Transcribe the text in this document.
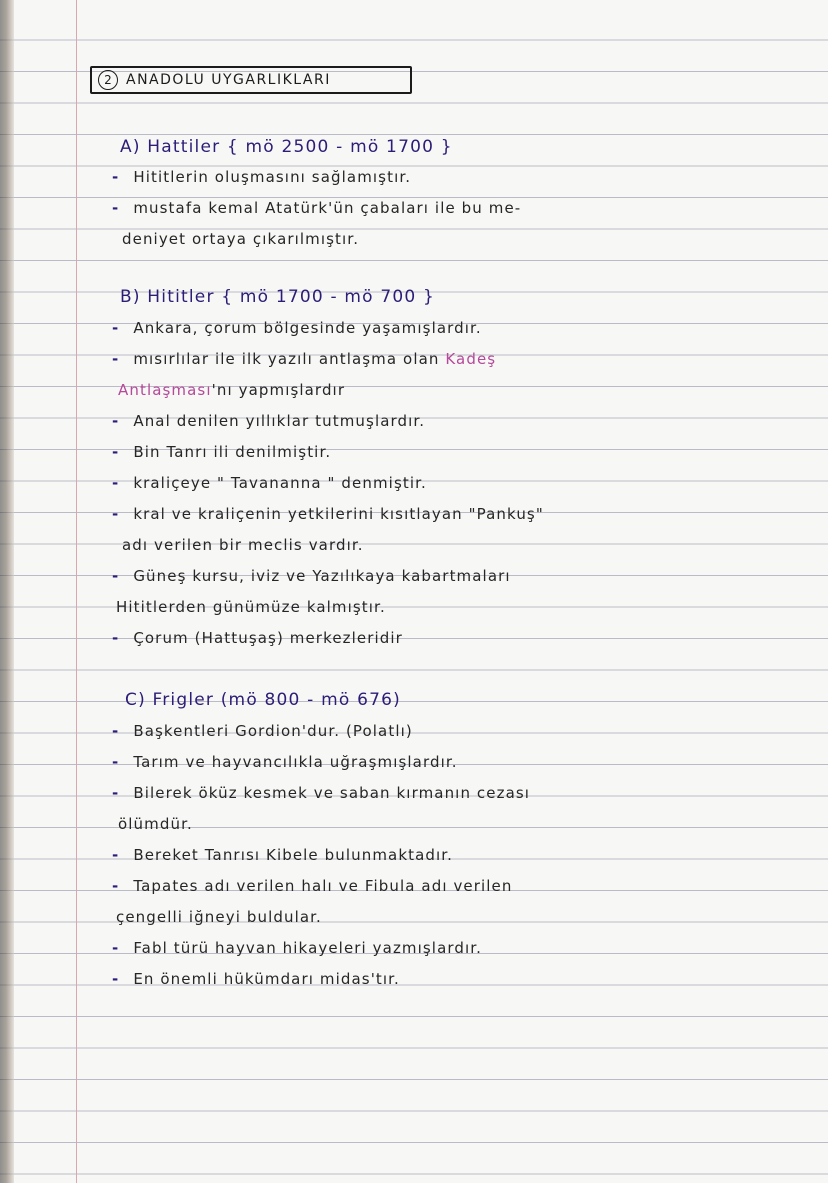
2	ANADOLU UYGARLIKLARI
A) Hattiler { mö 2500 - mö 1700 }
- Hititlerin oluşmasını sağlamıştır.
- mustafa kemal Atatürk'ün çabaları ile bu me-
deniyet ortaya çıkarılmıştır.
B) Hititler { mö 1700 - mö 700 }
- Ankara, çorum bölgesinde yaşamışlardır.
- mısırlılar ile ilk yazılı antlaşma olan Kadeş
Antlaşması'nı yapmışlardır
- Anal denilen yıllıklar tutmuşlardır.
- Bin Tanrı ili denilmiştir.
- kraliçeye " Tavananna " denmiştir.
- kral ve kraliçenin yetkilerini kısıtlayan "Pankuş"
adı verilen bir meclis vardır.
- Güneş kursu, iviz ve Yazılıkaya kabartmaları
Hititlerden günümüze kalmıştır.
- Çorum (Hattuşaş) merkezleridir
C) Frigler (mö 800 - mö 676)
- Başkentleri Gordion'dur. (Polatlı)
- Tarım ve hayvancılıkla uğraşmışlardır.
- Bilerek öküz kesmek ve saban kırmanın cezası
ölümdür.
- Bereket Tanrısı Kibele bulunmaktadır.
- Tapates adı verilen halı ve Fibula adı verilen
çengelli iğneyi buldular.
- Fabl türü hayvan hikayeleri yazmışlardır.
- En önemli hükümdarı midas'tır.
